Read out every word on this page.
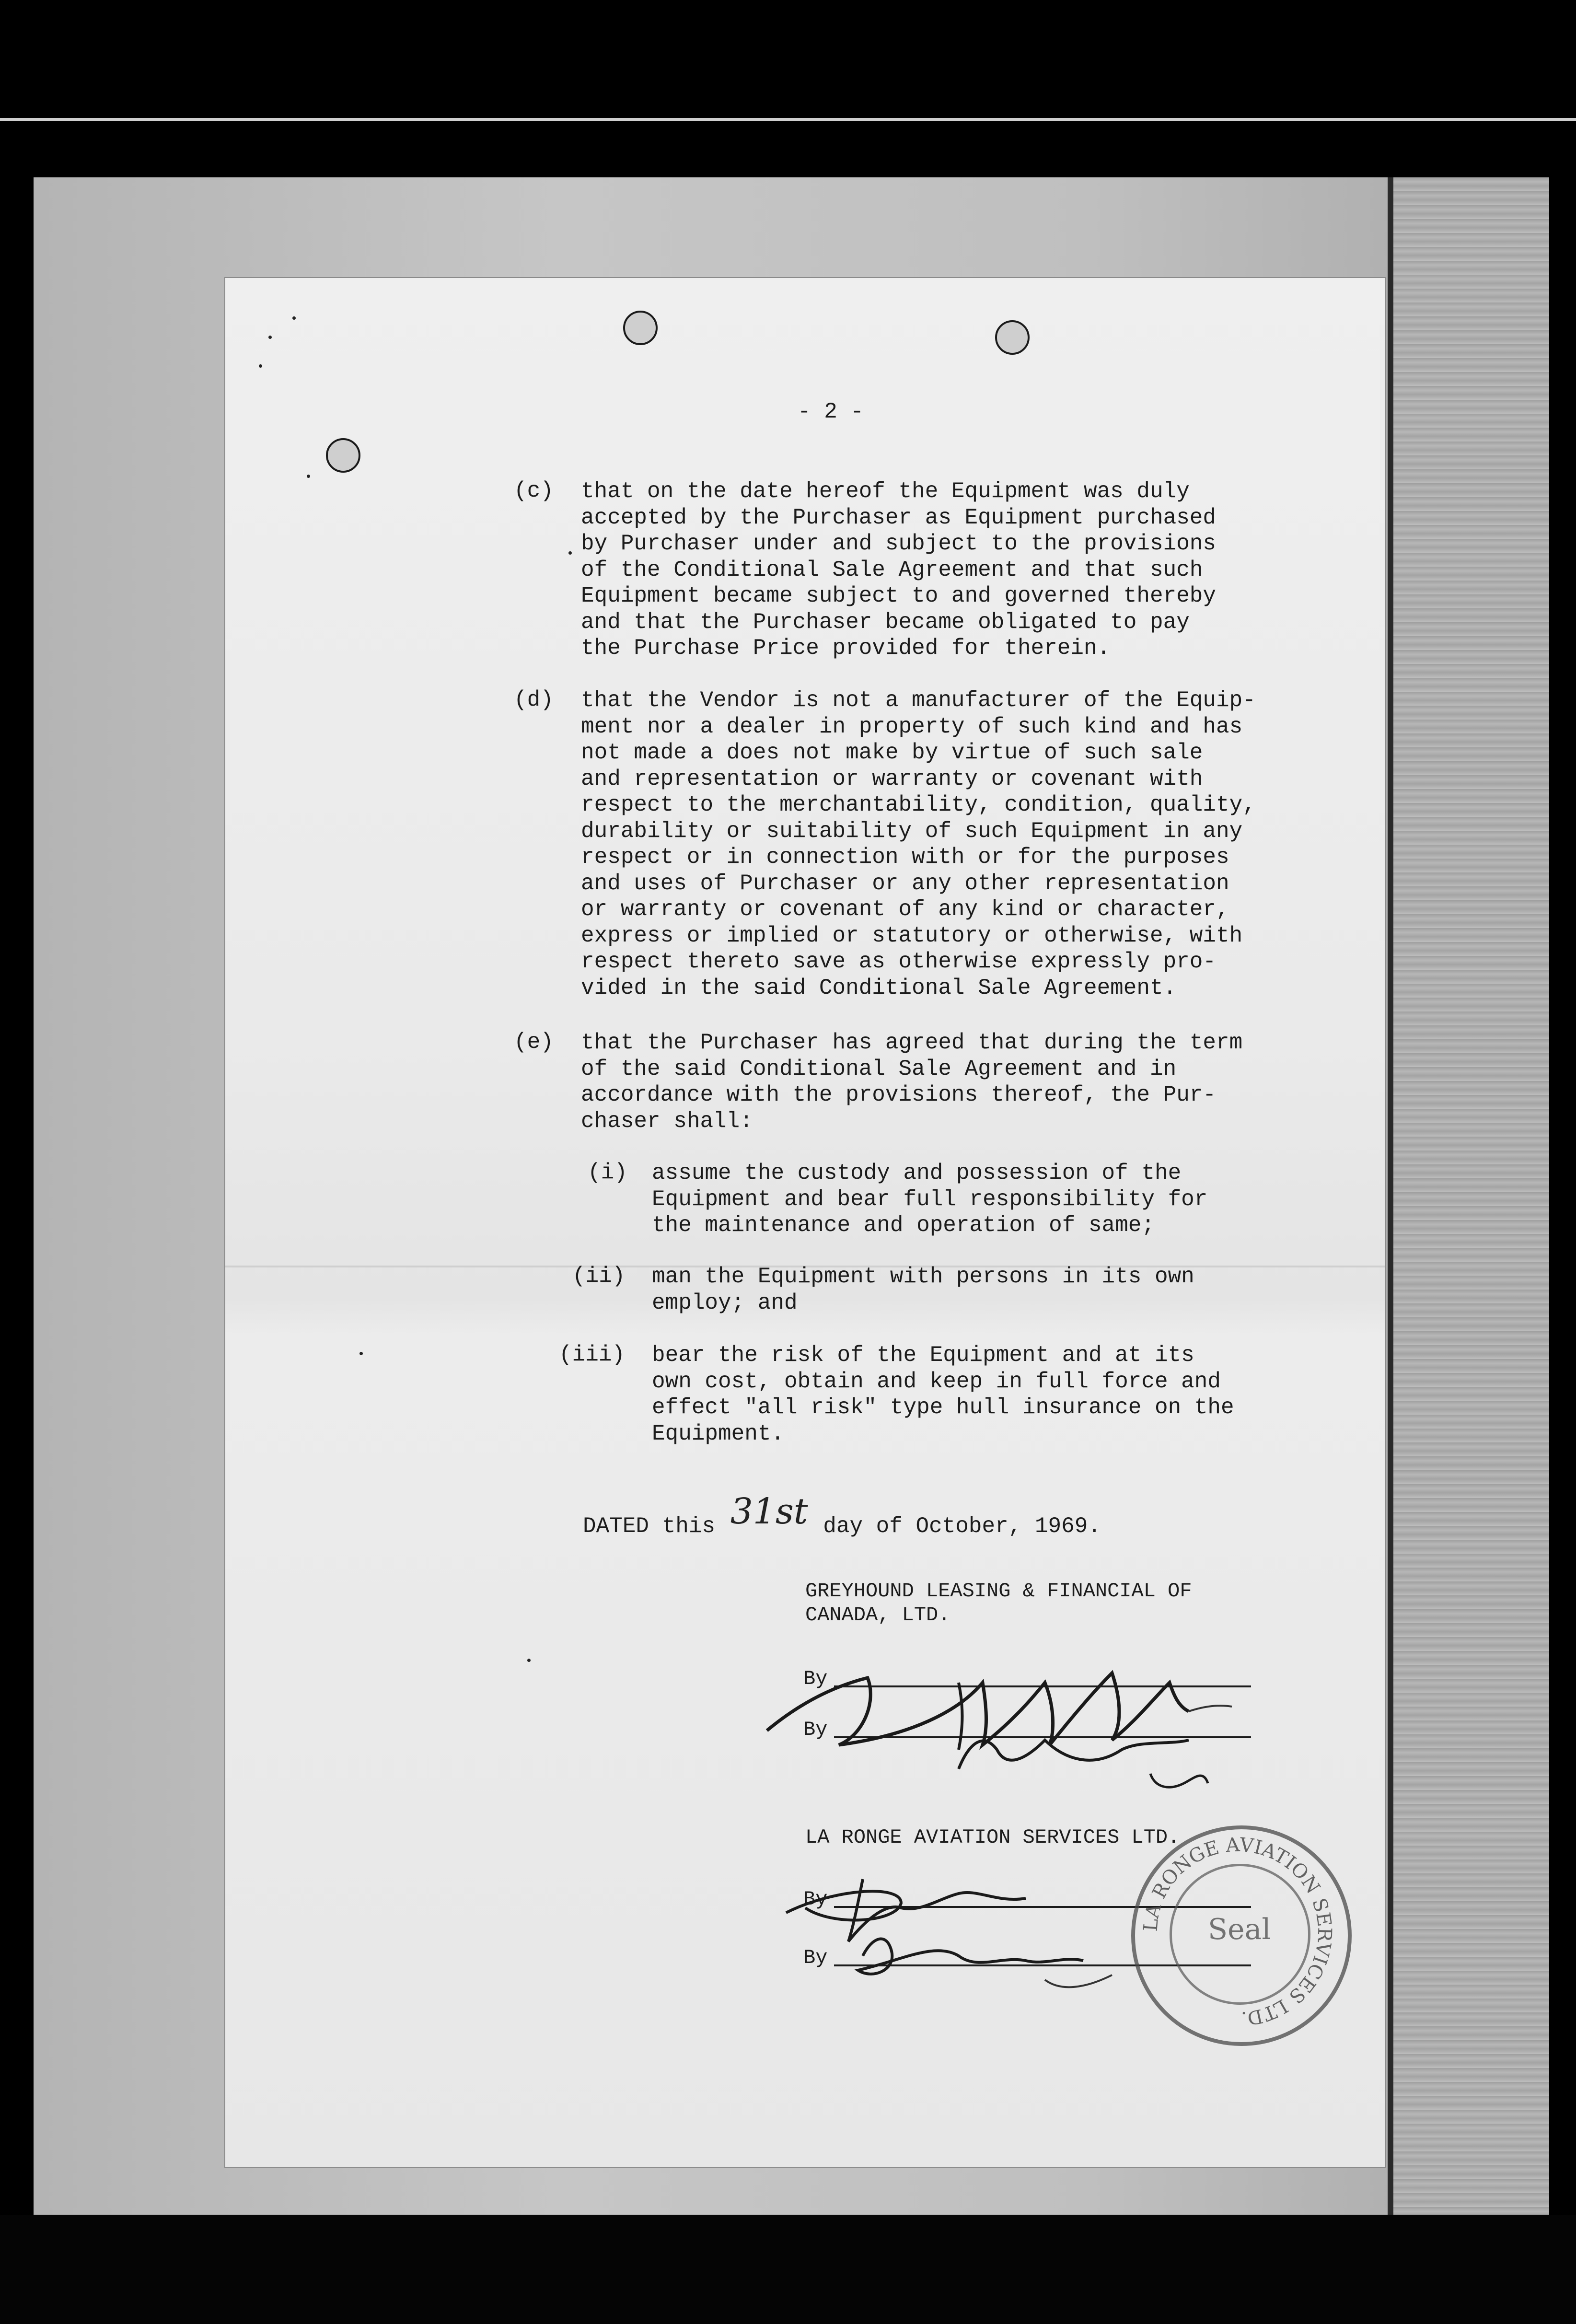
- 2 -
(c) that on the date hereof the Equipment was duly
accepted by the Purchaser as Equipment purchased
by Purchaser under and subject to the provisions
of the Conditional Sale Agreement and that such
Equipment became subject to and governed thereby
and that the Purchaser became obligated to pay
the Purchase Price provided for therein.
(d) that the Vendor is not a manufacturer of the Equip-
ment nor a dealer in property of such kind and has
not made a does not make by virtue of such sale
and representation or warranty or covenant with
respect to the merchantability, condition, quality,
durability or suitability of such Equipment in any
respect or in connection with or for the purposes
and uses of Purchaser or any other representation
or warranty or covenant of any kind or character,
express or implied or statutory or otherwise, with
respect thereto save as otherwise expressly pro-
vided in the said Conditional Sale Agreement.
(e) that the Purchaser has agreed that during the term
of the said Conditional Sale Agreement and in
accordance with the provisions thereof, the Pur-
chaser shall:
(i) assume the custody and possession of the
Equipment and bear full responsibility for
the maintenance and operation of same;
(ii) man the Equipment with persons in its own
employ; and
(iii) bear the risk of the Equipment and at its
own cost, obtain and keep in full force and
effect "all risk" type hull insurance on the
Equipment.
DATED this 31st day of October, 1969.
GREYHOUND LEASING & FINANCIAL OF
CANADA, LTD.
By
By
LA RONGE AVIATION SERVICES LTD.
By
By
LA RONGE AVIATION SERVICES LTD.
Seal
